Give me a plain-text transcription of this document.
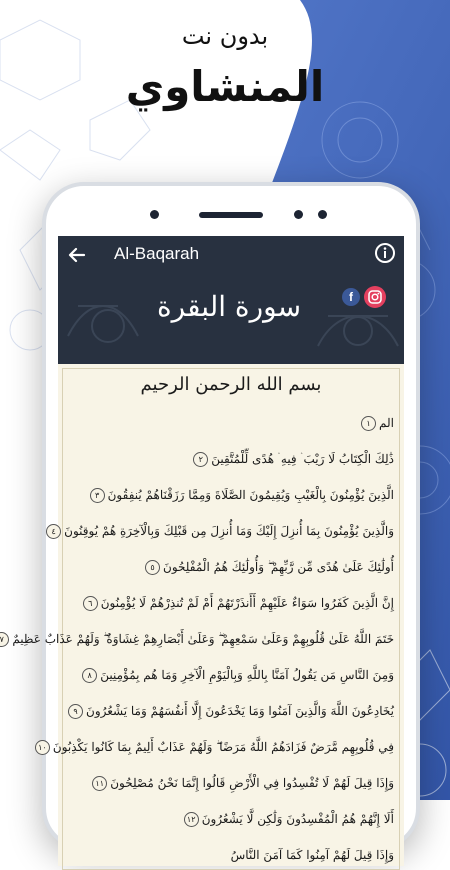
بدون نت
المنشاوي
Al-Baqarah
f
سورة البقرة
بسم الله الرحمن الرحيم
الم١
ذَٰلِكَ الْكِتَابُ لَا رَيْبَ ۛ فِيهِ ۛ هُدًى لِّلْمُتَّقِينَ٢
الَّذِينَ يُؤْمِنُونَ بِالْغَيْبِ وَيُقِيمُونَ الصَّلَاةَ وَمِمَّا رَزَقْنَاهُمْ يُنفِقُونَ٣
وَالَّذِينَ يُؤْمِنُونَ بِمَا أُنزِلَ إِلَيْكَ وَمَا أُنزِلَ مِن قَبْلِكَ وَبِالْآخِرَةِ هُمْ يُوقِنُونَ٤
أُولَٰئِكَ عَلَىٰ هُدًى مِّن رَّبِّهِمْ ۖ وَأُولَٰئِكَ هُمُ الْمُفْلِحُونَ٥
إِنَّ الَّذِينَ كَفَرُوا سَوَاءٌ عَلَيْهِمْ أَأَنذَرْتَهُمْ أَمْ لَمْ تُنذِرْهُمْ لَا يُؤْمِنُونَ٦
خَتَمَ اللَّهُ عَلَىٰ قُلُوبِهِمْ وَعَلَىٰ سَمْعِهِمْ ۖ وَعَلَىٰ أَبْصَارِهِمْ غِشَاوَةٌ ۖ وَلَهُمْ عَذَابٌ عَظِيمٌ٧
وَمِنَ النَّاسِ مَن يَقُولُ آمَنَّا بِاللَّهِ وَبِالْيَوْمِ الْآخِرِ وَمَا هُم بِمُؤْمِنِينَ٨
يُخَادِعُونَ اللَّهَ وَالَّذِينَ آمَنُوا وَمَا يَخْدَعُونَ إِلَّا أَنفُسَهُمْ وَمَا يَشْعُرُونَ٩
فِي قُلُوبِهِم مَّرَضٌ فَزَادَهُمُ اللَّهُ مَرَضًا ۖ وَلَهُمْ عَذَابٌ أَلِيمٌ بِمَا كَانُوا يَكْذِبُونَ١٠
وَإِذَا قِيلَ لَهُمْ لَا تُفْسِدُوا فِي الْأَرْضِ قَالُوا إِنَّمَا نَحْنُ مُصْلِحُونَ١١
أَلَا إِنَّهُمْ هُمُ الْمُفْسِدُونَ وَلَٰكِن لَّا يَشْعُرُونَ١٢
وَإِذَا قِيلَ لَهُمْ آمِنُوا كَمَا آمَنَ النَّاسُ
